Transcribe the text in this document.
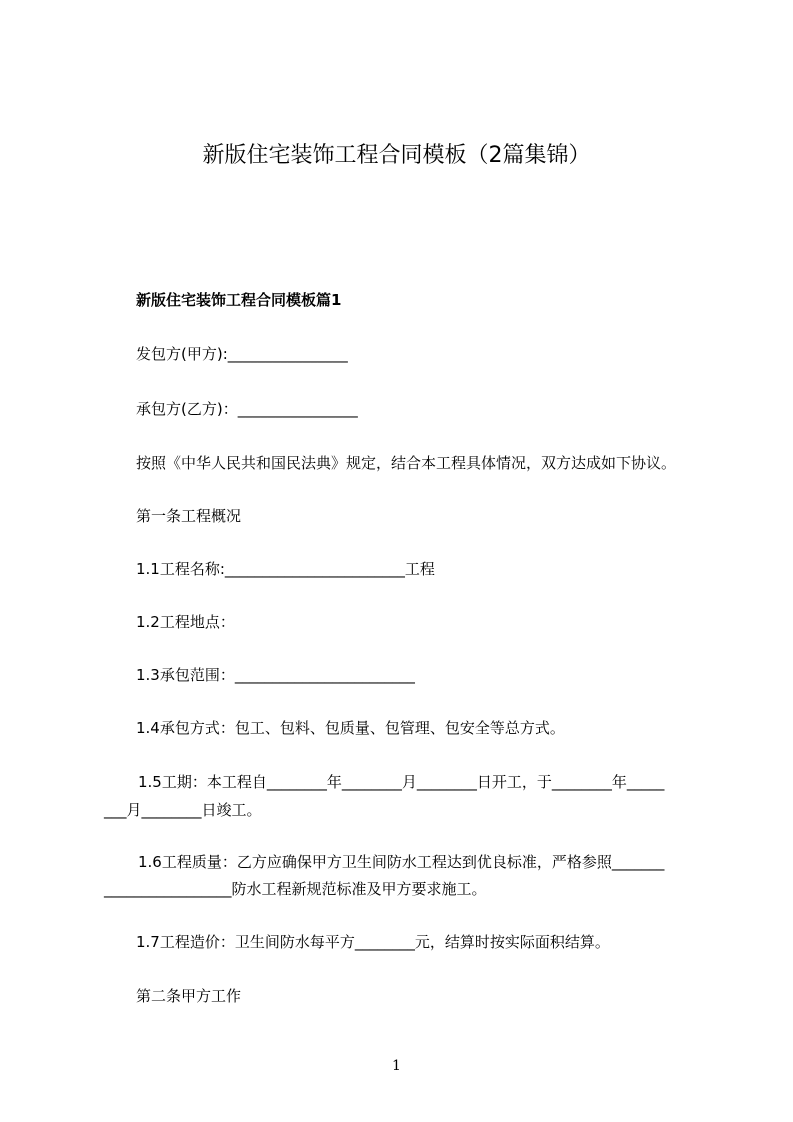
新版住宅装饰工程合同模板（2篇集锦）
新版住宅装饰工程合同模板篇1
发包方(甲方):________________
承包方(乙方)：________________
按照《中华人民共和国民法典》规定，结合本工程具体情况，双方达成如下协议。
第一条工程概况
1.1工程名称:________________________工程
1.2工程地点：
1.3承包范围：________________________
1.4承包方式：包工、包料、包质量、包管理、包安全等总方式。
1.5工期：本工程自________年________月________日开工，于________年_____
___月________日竣工。
1.6工程质量：乙方应确保甲方卫生间防水工程达到优良标准，严格参照_______
_________________防水工程新规范标准及甲方要求施工。
1.7工程造价：卫生间防水每平方________元，结算时按实际面积结算。
第二条甲方工作
1
